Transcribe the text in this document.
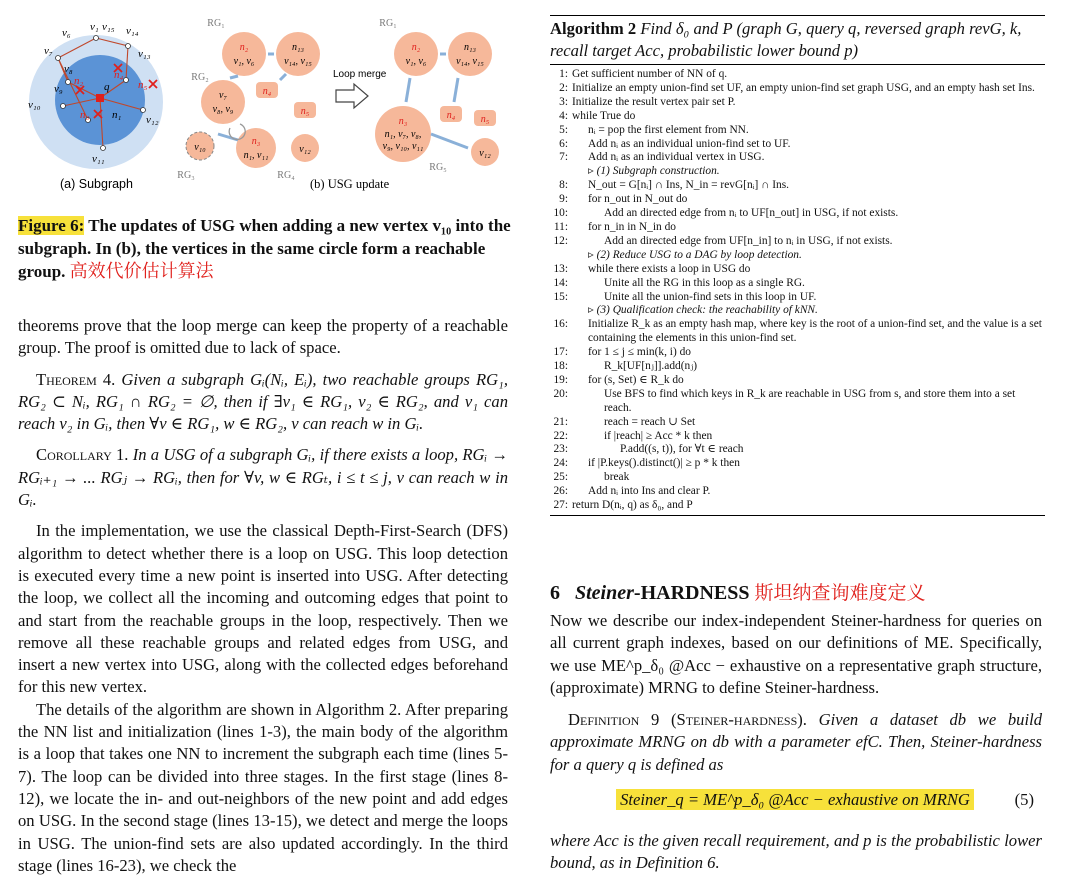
v₁ v₁₅ v₁₄
v₆
v₇	v₁₃
v₈
n₂	n₄
n₅
v₉	q
v₁₀
n₃ n₁ v₁₂
v₁₁
(a) Subgraph
RG₁
n₂
v₁, v₆
n₁₃
v₁₄, v₁₅
RG₂
v₇
v₈, v₉
n₄
n₅
v₁₀
n₃
n₁, v₁₁
v₁₂
RG₃	RG₄
Loop merge
RG₁
n₂
v₁, v₆
n₁₃
v₁₄, v₁₅
n₃
n₁, v₇, v₈,
v₉, v₁₀, v₁₁
n₄	n₅
v₁₂
RG₅
(b) USG update
Figure 6: The updates of USG when adding a new vertex v₁₀ into the subgraph. In (b), the vertices in the same circle form a reachable group. 高效代价估计算法

theorems prove that the loop merge can keep the property of a reachable group. The proof is omitted due to lack of space.

Theorem 4. Given a subgraph Gᵢ(Nᵢ, Eᵢ), two reachable groups RG₁, RG₂ ⊂ Nᵢ, RG₁ ∩ RG₂ = ∅, then if ∃v₁ ∈ RG₁, v₂ ∈ RG₂, and v₁ can reach v₂ in Gᵢ, then ∀v ∈ RG₁, w ∈ RG₂, v can reach w in Gᵢ.

Corollary 1. In a USG of a subgraph Gᵢ, if there exists a loop, RGᵢ → RGᵢ₊₁ → ... RGⱼ → RGᵢ, then for ∀v, w ∈ RGₜ, i ≤ t ≤ j, v can reach w in Gᵢ.

In the implementation, we use the classical Depth-First-Search (DFS) algorithm to detect whether there is a loop on USG. This loop detection is executed every time a new point is inserted into USG. After detecting the loop, we collect all the incoming and outcoming edges that point to and start from the reachable groups in the loop, respectively. Then we remove all these reachable groups and related edges from USG, and insert a new vertex into USG, along with the collected edges beforehand for this new vertex.

The details of the algorithm are shown in Algorithm 2. After preparing the NN list and initialization (lines 1-3), the main body of the algorithm is a loop that takes one NN to increment the subgraph each time (lines 5-7). The loop can be divided into three stages. In the first stage (lines 8-12), we locate the in- and out-neighbors of the new point and add edges on USG. In the second stage (lines 13-15), we detect and merge the loops in USG. The union-find sets are also updated accordingly. In the third stage (lines 16-23), we check the

Algorithm 2 Find δ₀ and P (graph G, query q, reversed graph revG, k, recall target Acc, probabilistic lower bound p)
1: Get sufficient number of NN of q.
2: Initialize an empty union-find set UF, an empty union-find set graph USG, and an empty hash set Ins.
3: Initialize the result vertex pair set P.
4: while True do
5:	nᵢ = pop the first element from NN.
6:	Add nᵢ as an individual union-find set to UF.
7:	Add nᵢ as an individual vertex in USG.
▹ (1) Subgraph construction.
8:	N_out = G[nᵢ] ∩ Ins, N_in = revG[nᵢ] ∩ Ins.
9:	for n_out in N_out do
10:	Add an directed edge from nᵢ to UF[n_out] in USG, if not exists.
11:	for n_in in N_in do
12:	Add an directed edge from UF[n_in] to nᵢ in USG, if not exists.
▹ (2) Reduce USG to a DAG by loop detection.
13:	while there exists a loop in USG do
14:	Unite all the RG in this loop as a single RG.
15:	Unite all the union-find sets in this loop in UF.
▹ (3) Qualification check: the reachability of kNN.
16:	Initialize R_k as an empty hash map, where key is the root of a union-find set, and the value is a set containing the elements in this union-find set.
17:	for 1 ≤ j ≤ min(k, i) do
18:	R_k[UF[nⱼ]].add(nⱼ)
19:	for (s, Set) ∈ R_k do
20:	Use BFS to find which keys in R_k are reachable in USG from s, and store them into a set reach.
21:	reach = reach ∪ Set
22:	if |reach| ≥ Acc * k then
23:	P.add((s, t)), for ∀t ∈ reach
24:	if |P.keys().distinct()| ≥ p * k then
25:	break
26:	Add nᵢ into Ins and clear P.
27: return D(nᵢ, q) as δ₀, and P
6 Steiner-HARDNESS 斯坦纳查询难度定义

Now we describe our index-independent Steiner-hardness for queries on all current graph indexes, based on our definitions of ME. Specifically, we use ME^p_δ₀ @Acc − exhaustive on a representative graph structure, (approximate) MRNG to define Steiner-hardness.

Definition 9 (Steiner-hardness). Given a dataset db we build approximate MRNG on db with a parameter efC. Then, Steiner-hardness for a query q is defined as

Steiner_q = ME^p_δ₀ @Acc − exhaustive on MRNG	(5)
where Acc is the given recall requirement, and p is the probabilistic lower bound, as in Definition 6.
